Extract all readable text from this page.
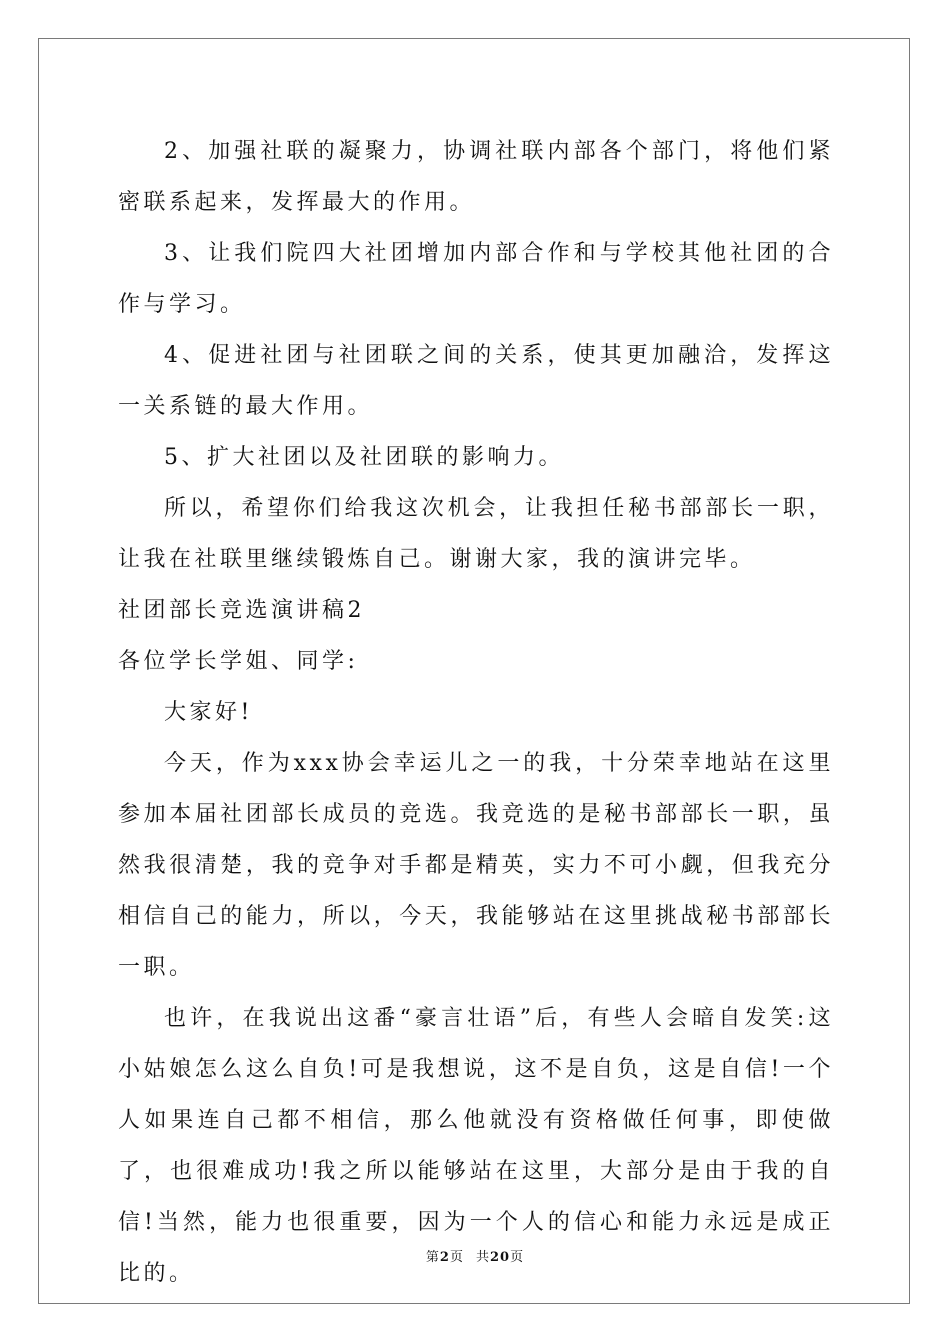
2、加强社联的凝聚力，协调社联内部各个部门，将他们紧密联系起来，发挥最大的作用。

3、让我们院四大社团增加内部合作和与学校其他社团的合作与学习。

4、促进社团与社团联之间的关系，使其更加融洽，发挥这一关系链的最大作用。

5、扩大社团以及社团联的影响力。

所以，希望你们给我这次机会，让我担任秘书部部长一职，让我在社联里继续锻炼自己。谢谢大家，我的演讲完毕。

社团部长竞选演讲稿2

各位学长学姐、同学:

大家好!

今天，作为xxx协会幸运儿之一的我，十分荣幸地站在这里参加本届社团部长成员的竞选。我竞选的是秘书部部长一职，虽然我很清楚，我的竞争对手都是精英，实力不可小觑，但我充分相信自己的能力，所以，今天，我能够站在这里挑战秘书部部长一职。

也许，在我说出这番“豪言壮语”后，有些人会暗自发笑:这小姑娘怎么这么自负!可是我想说，这不是自负，这是自信!一个人如果连自己都不相信，那么他就没有资格做任何事，即使做了，也很难成功!我之所以能够站在这里，大部分是由于我的自信!当然，能力也很重要，因为一个人的信心和能力永远是成正比的。

第2页 共20页
